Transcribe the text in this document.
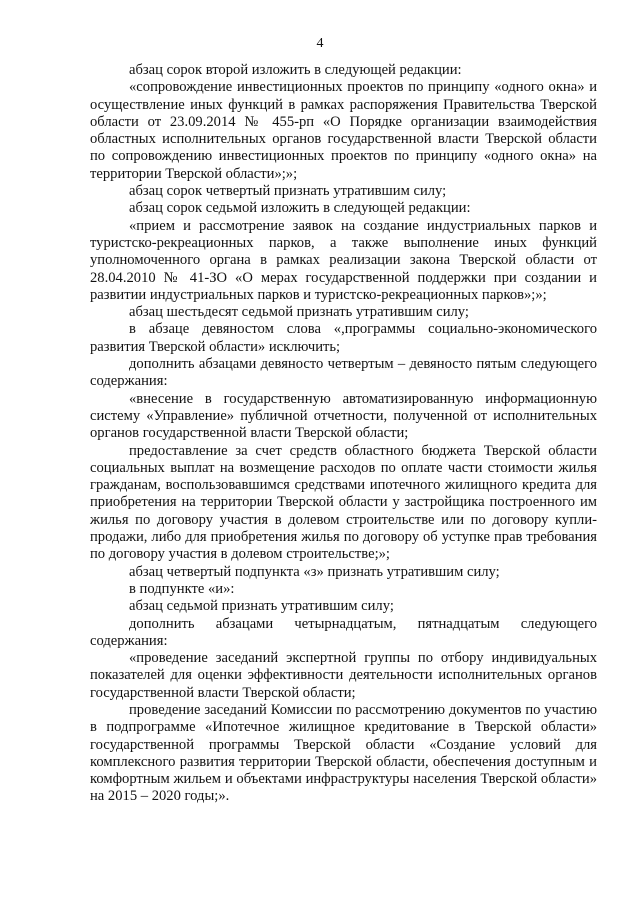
4

абзац сорок второй изложить в следующей редакции:

«сопровождение инвестиционных проектов по принципу «одного окна» и осуществление иных функций в рамках распоряжения Правительства Тверской области от 23.09.2014 № 455-рп «О Порядке организации взаимодействия областных исполнительных органов государственной власти Тверской области по сопровождению инвестиционных проектов по принципу «одного окна» на территории Тверской области»;»;

абзац сорок четвертый признать утратившим силу;

абзац сорок седьмой изложить в следующей редакции:

«прием и рассмотрение заявок на создание индустриальных парков и туристско-рекреационных парков, а также выполнение иных функций уполномоченного органа в рамках реализации закона Тверской области от 28.04.2010 № 41-ЗО «О мерах государственной поддержки при создании и развитии индустриальных парков и туристско-рекреационных парков»;»;

абзац шестьдесят седьмой признать утратившим силу;

в абзаце девяностом слова «,программы социально-экономического развития Тверской области» исключить;

дополнить абзацами девяносто четвертым – девяносто пятым следующего содержания:

«внесение в государственную автоматизированную информационную систему «Управление» публичной отчетности, полученной от исполнительных органов государственной власти Тверской области;

предоставление за счет средств областного бюджета Тверской области социальных выплат на возмещение расходов по оплате части стоимости жилья гражданам, воспользовавшимся средствами ипотечного жилищного кредита для приобретения на территории Тверской области у застройщика построенного им жилья по договору участия в долевом строительстве или по договору купли-продажи, либо для приобретения жилья по договору об уступке прав требования по договору участия в долевом строительстве;»;

абзац четвертый подпункта «з» признать утратившим силу;

в подпункте «и»:

абзац седьмой признать утратившим силу;

дополнить абзацами четырнадцатым, пятнадцатым следующего содержания:

«проведение заседаний экспертной группы по отбору индивидуальных показателей для оценки эффективности деятельности исполнительных органов государственной власти Тверской области;

проведение заседаний Комиссии по рассмотрению документов по участию в подпрограмме «Ипотечное жилищное кредитование в Тверской области» государственной программы Тверской области «Создание условий для комплексного развития территории Тверской области, обеспечения доступным и комфортным жильем и объектами инфраструктуры населения Тверской области» на 2015 – 2020 годы;».
